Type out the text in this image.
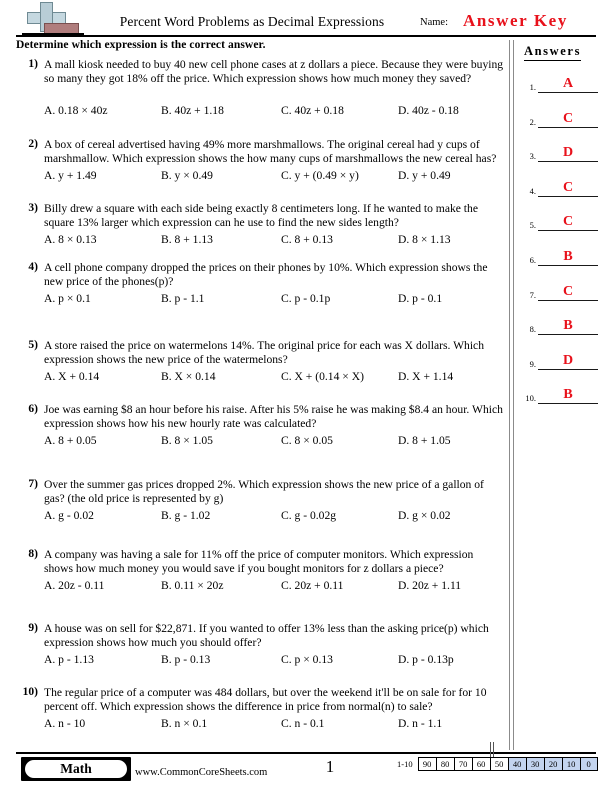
Percent Word Problems as Decimal Expressions	Name: Answer Key
Determine which expression is the correct answer.	Answers
1.	A
2.	C
3.	D
4.	C
5.	C
6.	B
7.	C
8.	B
9.	D
10.	B
1) A mall kiosk needed to buy 40 new cell phone cases at z dollars a piece. Because they were buying so many they got 18% off the price. Which expression shows how much money they saved?
A. 0.18 × 40z	B. 40z + 1.18	C. 40z + 0.18	D. 40z - 0.18
2) A box of cereal advertised having 49% more marshmallows. The original cereal had y cups of marshmallow. Which expression shows the how many cups of marshmallows the new cereal has?
A. y + 1.49	B. y × 0.49	C. y + (0.49 × y)	D. y + 0.49
3) Billy drew a square with each side being exactly 8 centimeters long. If he wanted to make the square 13% larger which expression can he use to find the new sides length?
A. 8 × 0.13	B. 8 + 1.13	C. 8 + 0.13	D. 8 × 1.13
4) A cell phone company dropped the prices on their phones by 10%. Which expression shows the new price of the phones(p)?
A. p × 0.1	B. p - 1.1	C. p - 0.1p	D. p - 0.1
5) A store raised the price on watermelons 14%. The original price for each was X dollars. Which expression shows the new price of the watermelons?
A. X + 0.14	B. X × 0.14	C. X + (0.14 × X)	D. X + 1.14
6) Joe was earning $8 an hour before his raise. After his 5% raise he was making $8.4 an hour. Which expression shows how his new hourly rate was calculated?
A. 8 + 0.05	B. 8 × 1.05	C. 8 × 0.05	D. 8 + 1.05
7) Over the summer gas prices dropped 2%. Which expression shows the new price of a gallon of gas? (the old price is represented by g)
A. g - 0.02	B. g - 1.02	C. g - 0.02g	D. g × 0.02
8) A company was having a sale for 11% off the price of computer monitors. Which expression shows how much money you would save if you bought monitors for z dollars a piece?
A. 20z - 0.11	B. 0.11 × 20z	C. 20z + 0.11	D. 20z + 1.11
9) A house was on sell for $22,871. If you wanted to offer 13% less than the asking price(p) which expression shows how much you should offer?
A. p - 1.13	B. p - 0.13	C. p × 0.13	D. p - 0.13p
10) The regular price of a computer was 484 dollars, but over the weekend it'll be on sale for for 10 percent off. Which expression shows the difference in price from normal(n) to sale?
A. n - 10	B. n × 0.1	C. n - 0.1	D. n - 1.1
Math	www.CommonCoreSheets.com	1	1-10	90	80	70	60	50	40	30	20	10	0
